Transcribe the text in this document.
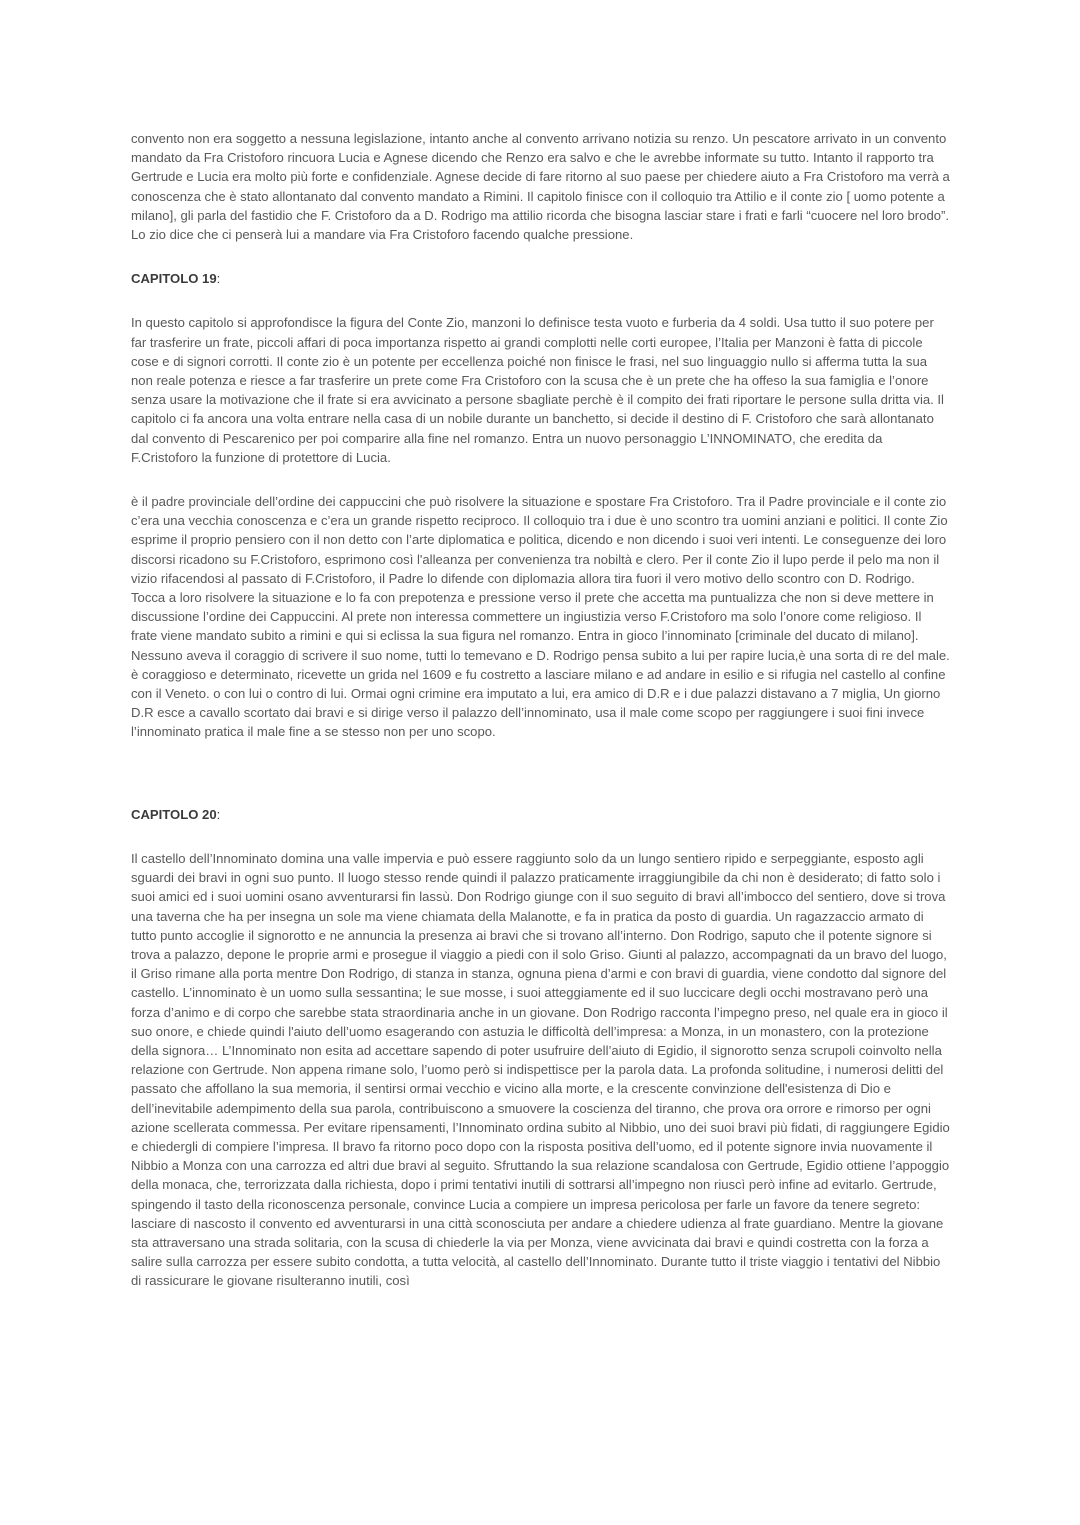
convento non era soggetto a nessuna legislazione, intanto anche al convento arrivano notizia su renzo. Un pescatore arrivato in un convento mandato da Fra Cristoforo rincuora Lucia e Agnese dicendo che Renzo era salvo e che le avrebbe informate su tutto. Intanto il rapporto tra Gertrude e Lucia era molto più forte e confidenziale. Agnese decide di fare ritorno al suo paese per chiedere aiuto a Fra Cristoforo ma verrà a conoscenza che è stato allontanato dal convento mandato a Rimini. Il capitolo finisce con il colloquio tra Attilio e il conte zio [ uomo potente a milano], gli parla del fastidio che F. Cristoforo da a D. Rodrigo ma attilio ricorda che bisogna lasciar stare i frati e farli “cuocere nel loro brodo”. Lo zio dice che ci penserà lui a mandare via Fra Cristoforo facendo qualche pressione.

CAPITOLO 19:

In questo capitolo si approfondisce la figura del Conte Zio, manzoni lo definisce testa vuoto e furberia da 4 soldi. Usa tutto il suo potere per far trasferire un frate, piccoli affari di poca importanza rispetto ai grandi complotti nelle corti europee, l’Italia per Manzoni è fatta di piccole cose e di signori corrotti. Il conte zio è un potente per eccellenza poiché non finisce le frasi, nel suo linguaggio nullo si afferma tutta la sua non reale potenza e riesce a far trasferire un prete come Fra Cristoforo con la scusa che è un prete che ha offeso la sua famiglia e l’onore senza usare la motivazione che il frate si era avvicinato a persone sbagliate perchè è il compito dei frati riportare le persone sulla dritta via. Il capitolo ci fa ancora una volta entrare nella casa di un nobile durante un banchetto, si decide il destino di F. Cristoforo che sarà allontanato dal convento di Pescarenico per poi comparire alla fine nel romanzo. Entra un nuovo personaggio L’INNOMINATO, che eredita da F.Cristoforo la funzione di protettore di Lucia.

è il padre provinciale dell’ordine dei cappuccini che può risolvere la situazione e spostare Fra Cristoforo. Tra il Padre provinciale e il conte zio c’era una vecchia conoscenza e c’era un grande rispetto reciproco. Il colloquio tra i due è uno scontro tra uomini anziani e politici. Il conte Zio esprime il proprio pensiero con il non detto con l’arte diplomatica e politica, dicendo e non dicendo i suoi veri intenti. Le conseguenze dei loro discorsi ricadono su F.Cristoforo, esprimono così l'alleanza per convenienza tra nobiltà e clero. Per il conte Zio il lupo perde il pelo ma non il vizio rifacendosi al passato di F.Cristoforo, il Padre lo difende con diplomazia allora tira fuori il vero motivo dello scontro con D. Rodrigo. Tocca a loro risolvere la situazione e lo fa con prepotenza e pressione verso il prete che accetta ma puntualizza che non si deve mettere in discussione l’ordine dei Cappuccini. Al prete non interessa commettere un ingiustizia verso F.Cristoforo ma solo l’onore come religioso. Il frate viene mandato subito a rimini e qui si eclissa la sua figura nel romanzo. Entra in gioco l’innominato [criminale del ducato di milano]. Nessuno aveva il coraggio di scrivere il suo nome, tutti lo temevano e D. Rodrigo pensa subito a lui per rapire lucia,è una sorta di re del male. è coraggioso e determinato, ricevette un grida nel 1609 e fu costretto a lasciare milano e ad andare in esilio e si rifugia nel castello al confine con il Veneto. o con lui o contro di lui. Ormai ogni crimine era imputato a lui, era amico di D.R e i due palazzi distavano a 7 miglia, Un giorno D.R esce a cavallo scortato dai bravi e si dirige verso il palazzo dell’innominato, usa il male come scopo per raggiungere i suoi fini invece l’innominato pratica il male fine a se stesso non per uno scopo.

CAPITOLO 20:

Il castello dell’Innominato domina una valle impervia e può essere raggiunto solo da un lungo sentiero ripido e serpeggiante, esposto agli sguardi dei bravi in ogni suo punto. Il luogo stesso rende quindi il palazzo praticamente irraggiungibile da chi non è desiderato; di fatto solo i suoi amici ed i suoi uomini osano avventurarsi fin lassù. Don Rodrigo giunge con il suo seguito di bravi all’imbocco del sentiero, dove si trova una taverna che ha per insegna un sole ma viene chiamata della Malanotte, e fa in pratica da posto di guardia. Un ragazzaccio armato di tutto punto accoglie il signorotto e ne annuncia la presenza ai bravi che si trovano all’interno. Don Rodrigo, saputo che il potente signore si trova a palazzo, depone le proprie armi e prosegue il viaggio a piedi con il solo Griso. Giunti al palazzo, accompagnati da un bravo del luogo, il Griso rimane alla porta mentre Don Rodrigo, di stanza in stanza, ognuna piena d’armi e con bravi di guardia, viene condotto dal signore del castello. L’innominato è un uomo sulla sessantina; le sue mosse, i suoi atteggiamente ed il suo luccicare degli occhi mostravano però una forza d’animo e di corpo che sarebbe stata straordinaria anche in un giovane. Don Rodrigo racconta l’impegno preso, nel quale era in gioco il suo onore, e chiede quindi l'aiuto dell’uomo esagerando con astuzia le difficoltà dell’impresa: a Monza, in un monastero, con la protezione della signora… L’Innominato non esita ad accettare sapendo di poter usufruire dell’aiuto di Egidio, il signorotto senza scrupoli coinvolto nella relazione con Gertrude. Non appena rimane solo, l’uomo però si indispettisce per la parola data. La profonda solitudine, i numerosi delitti del passato che affollano la sua memoria, il sentirsi ormai vecchio e vicino alla morte, e la crescente convinzione dell'esistenza di Dio e dell’inevitabile adempimento della sua parola, contribuiscono a smuovere la coscienza del tiranno, che prova ora orrore e rimorso per ogni azione scellerata commessa. Per evitare ripensamenti, l’Innominato ordina subito al Nibbio, uno dei suoi bravi più fidati, di raggiungere Egidio e chiedergli di compiere l’impresa. Il bravo fa ritorno poco dopo con la risposta positiva dell’uomo, ed il potente signore invia nuovamente il Nibbio a Monza con una carrozza ed altri due bravi al seguito. Sfruttando la sua relazione scandalosa con Gertrude, Egidio ottiene l’appoggio della monaca, che, terrorizzata dalla richiesta, dopo i primi tentativi inutili di sottrarsi all’impegno non riuscì però infine ad evitarlo. Gertrude, spingendo il tasto della riconoscenza personale, convince Lucia a compiere un impresa pericolosa per farle un favore da tenere segreto: lasciare di nascosto il convento ed avventurarsi in una città sconosciuta per andare a chiedere udienza al frate guardiano. Mentre la giovane sta attraversano una strada solitaria, con la scusa di chiederle la via per Monza, viene avvicinata dai bravi e quindi costretta con la forza a salire sulla carrozza per essere subito condotta, a tutta velocità, al castello dell’Innominato. Durante tutto il triste viaggio i tentativi del Nibbio di rassicurare le giovane risulteranno inutili, così
